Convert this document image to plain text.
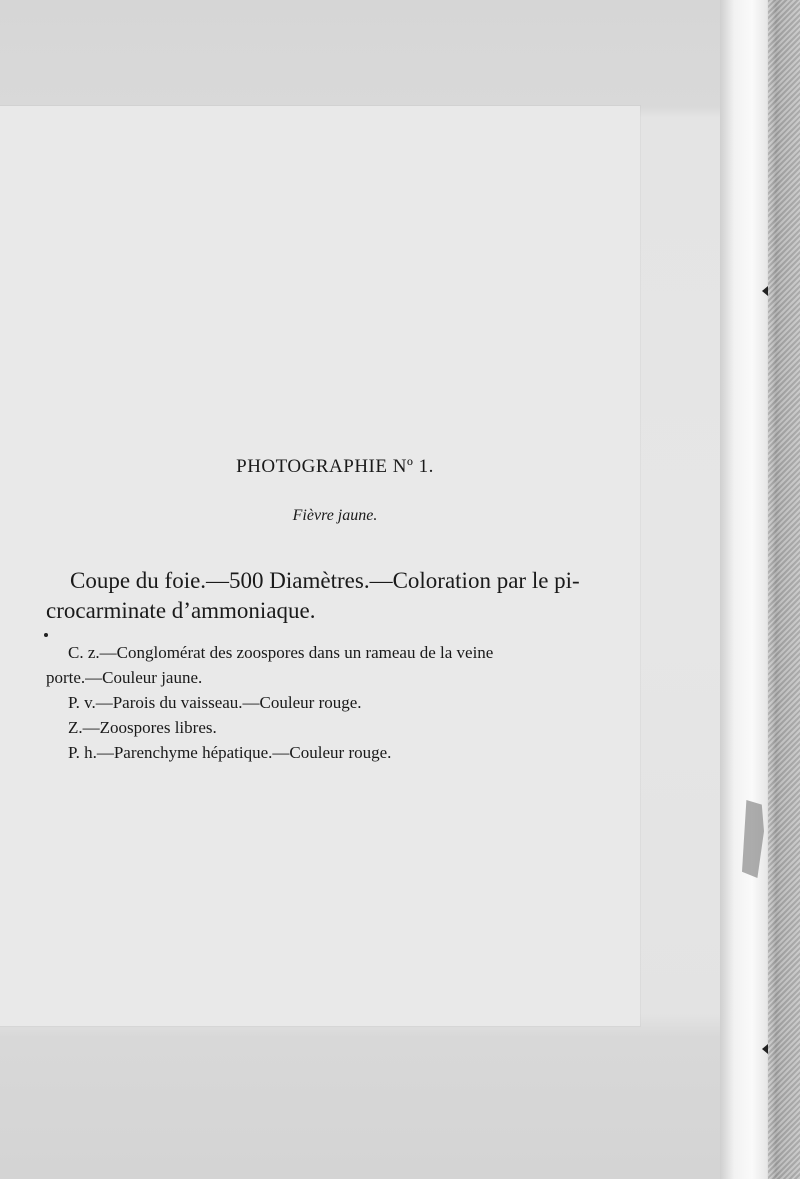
PHOTOGRAPHIE Nº 1.
Fièvre jaune.
Coupe du foie.—500 Diamètres.—Coloration par le pi-
crocarminate d’ammoniaque.
C. z.—Conglomérat des zoospores dans un rameau de la veine
porte.—Couleur jaune.
P. v.—Parois du vaisseau.—Couleur rouge.
Z.—Zoospores libres.
P. h.—Parenchyme hépatique.—Couleur rouge.
